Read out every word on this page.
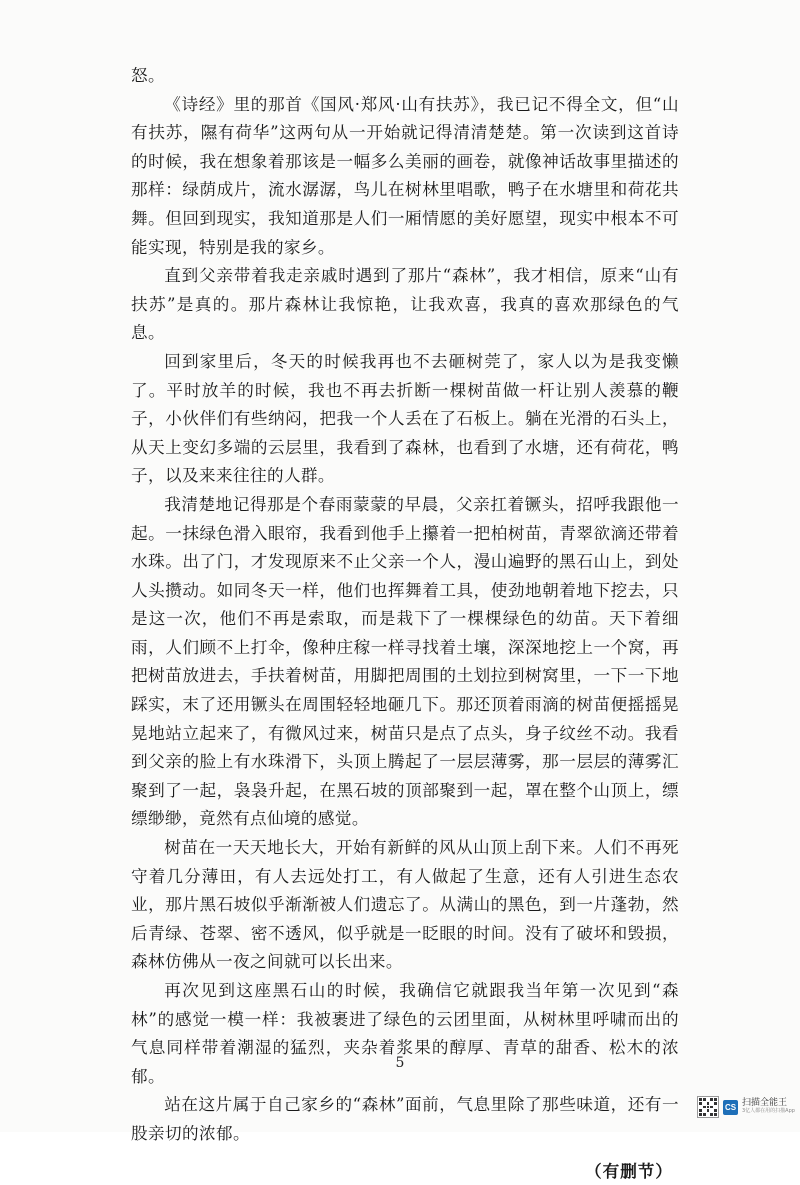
怒。

《诗经》里的那首《国风·郑风·山有扶苏》，我已记不得全文，但“山有扶苏，隰有荷华”这两句从一开始就记得清清楚楚。第一次读到这首诗的时候，我在想象着那该是一幅多么美丽的画卷，就像神话故事里描述的那样：绿荫成片，流水潺潺，鸟儿在树林里唱歌，鸭子在水塘里和荷花共舞。但回到现实，我知道那是人们一厢情愿的美好愿望，现实中根本不可能实现，特别是我的家乡。

直到父亲带着我走亲戚时遇到了那片“森林”，我才相信，原来“山有扶苏”是真的。那片森林让我惊艳，让我欢喜，我真的喜欢那绿色的气息。

回到家里后，冬天的时候我再也不去砸树莞了，家人以为是我变懒了。平时放羊的时候，我也不再去折断一棵树苗做一杆让别人羡慕的鞭子，小伙伴们有些纳闷，把我一个人丢在了石板上。躺在光滑的石头上，从天上变幻多端的云层里，我看到了森林，也看到了水塘，还有荷花，鸭子，以及来来往往的人群。

我清楚地记得那是个春雨蒙蒙的早晨，父亲扛着镢头，招呼我跟他一起。一抹绿色滑入眼帘，我看到他手上攥着一把柏树苗，青翠欲滴还带着水珠。出了门，才发现原来不止父亲一个人，漫山遍野的黑石山上，到处人头攒动。如同冬天一样，他们也挥舞着工具，使劲地朝着地下挖去，只是这一次，他们不再是索取，而是栽下了一棵棵绿色的幼苗。天下着细雨，人们顾不上打伞，像种庄稼一样寻找着土壤，深深地挖上一个窝，再把树苗放进去，手扶着树苗，用脚把周围的土划拉到树窝里，一下一下地踩实，末了还用镢头在周围轻轻地砸几下。那还顶着雨滴的树苗便摇摇晃晃地站立起来了，有微风过来，树苗只是点了点头，身子纹丝不动。我看到父亲的脸上有水珠滑下，头顶上腾起了一层层薄雾，那一层层的薄雾汇聚到了一起，袅袅升起，在黑石坡的顶部聚到一起，罩在整个山顶上，缥缥缈缈，竟然有点仙境的感觉。

树苗在一天天地长大，开始有新鲜的风从山顶上刮下来。人们不再死守着几分薄田，有人去远处打工，有人做起了生意，还有人引进生态农业，那片黑石坡似乎渐渐被人们遗忘了。从满山的黑色，到一片蓬勃，然后青绿、苍翠、密不透风，似乎就是一眨眼的时间。没有了破坏和毁损，森林仿佛从一夜之间就可以长出来。

再次见到这座黑石山的时候，我确信它就跟我当年第一次见到“森林”的感觉一模一样：我被裹进了绿色的云团里面，从树林里呼啸而出的气息同样带着潮湿的猛烈，夹杂着浆果的醇厚、青草的甜香、松木的浓郁。

站在这片属于自己家乡的“森林”面前，气息里除了那些味道，还有一股亲切的浓郁。

（有删节）

5
CS 扫描全能王
3亿人都在用的扫描App
